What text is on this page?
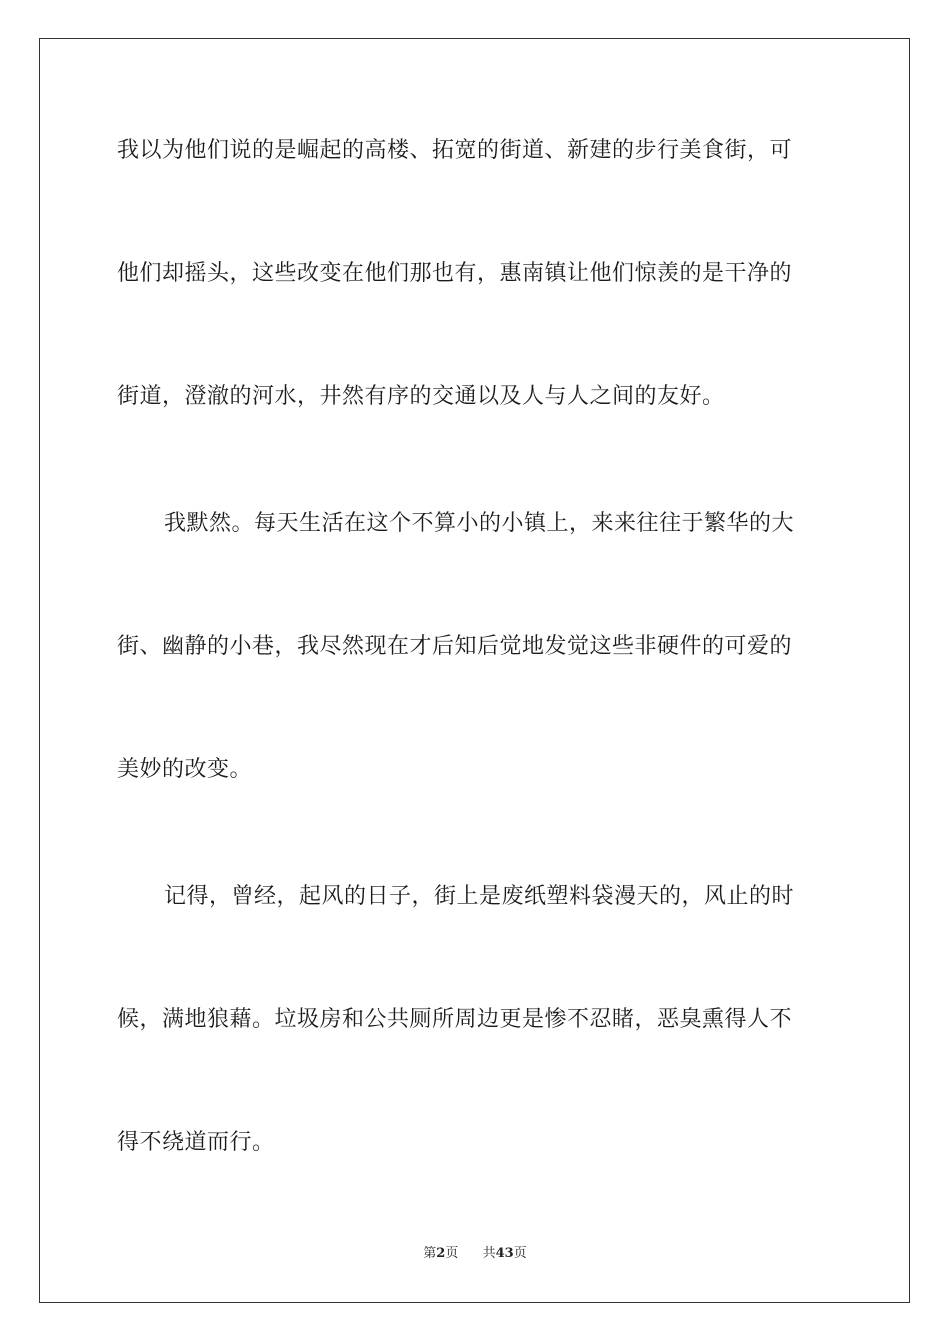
我以为他们说的是崛起的高楼、拓宽的街道、新建的步行美食街，可
他们却摇头，这些改变在他们那也有，惠南镇让他们惊羡的是干净的
街道，澄澈的河水，井然有序的交通以及人与人之间的友好。
我默然。每天生活在这个不算小的小镇上，来来往往于繁华的大
街、幽静的小巷，我尽然现在才后知后觉地发觉这些非硬件的可爱的
美妙的改变。
记得，曾经，起风的日子，街上是废纸塑料袋漫天的，风止的时
候，满地狼藉。垃圾房和公共厕所周边更是惨不忍睹，恶臭熏得人不
得不绕道而行。
第2页 共43页
